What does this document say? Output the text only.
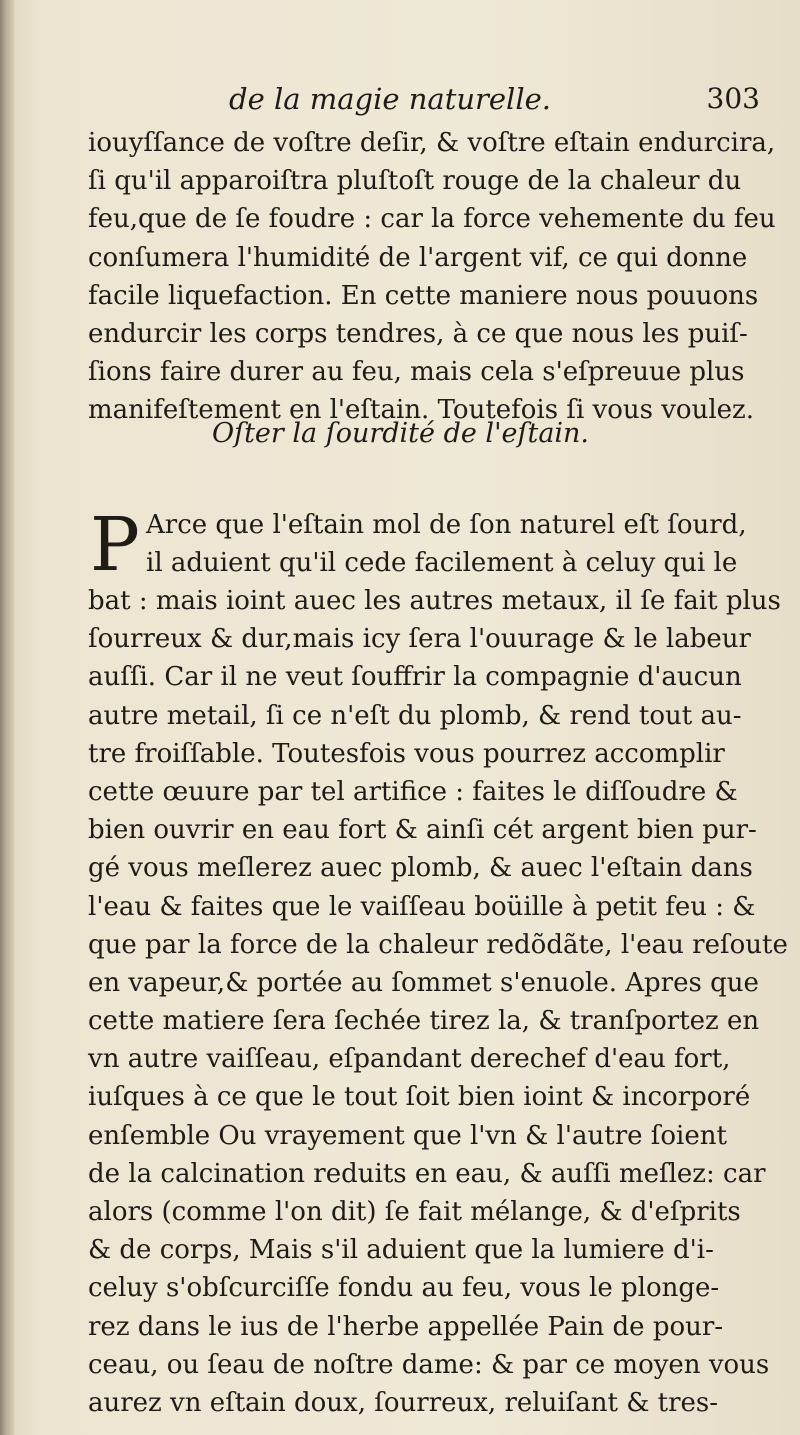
de la magie naturelle.	303
iouyſſance de voſtre deſir, & voſtre eſtain endurcira,
ſi qu'il apparoiſtra pluſtoſt rouge de la chaleur du
feu,que de ſe foudre : car la force vehemente du feu
conſumera l'humidité de l'argent vif, ce qui donne
facile liquefaction. En cette maniere nous pouuons
endurcir les corps tendres, à ce que nous les puiſ-
ſions faire durer au feu, mais cela s'eſpreuue plus
manifeſtement en l'eſtain. Toutefois ſi vous voulez.
Oſter la ſourdité de l'eſtain.
P Arce que l'eſtain mol de ſon naturel eſt ſourd,
il aduient qu'il cede facilement à celuy qui le
bat : mais ioint auec les autres metaux, il ſe fait plus
ſourreux & dur,mais icy ſera l'ouurage & le labeur
auſſi. Car il ne veut ſouffrir la compagnie d'aucun
autre metail, ſi ce n'eſt du plomb, & rend tout au-
tre froiſſable. Toutesfois vous pourrez accomplir
cette œuure par tel artifice : faites le diſſoudre &
bien ouvrir en eau fort & ainſi cét argent bien pur-
gé vous meſlerez auec plomb, & auec l'eſtain dans
l'eau & faites que le vaiſſeau boüille à petit feu : &
que par la force de la chaleur redõdãte, l'eau reſoute
en vapeur,& portée au ſommet s'enuole. Apres que
cette matiere ſera ſechée tirez la, & tranſportez en
vn autre vaiſſeau, eſpandant derechef d'eau fort,
iuſques à ce que le tout ſoit bien ioint & incorporé
enſemble Ou vrayement que l'vn & l'autre ſoient
de la calcination reduits en eau, & auſſi meſlez: car
alors (comme l'on dit) ſe fait mélange, & d'eſprits
& de corps, Mais s'il aduient que la lumiere d'i-
celuy s'obſcurciſſe fondu au feu, vous le plonge-
rez dans le ius de l'herbe appellée Pain de pour-
ceau, ou ſeau de noſtre dame: & par ce moyen vous
aurez vn eſtain doux, ſourreux, reluiſant & tres-
